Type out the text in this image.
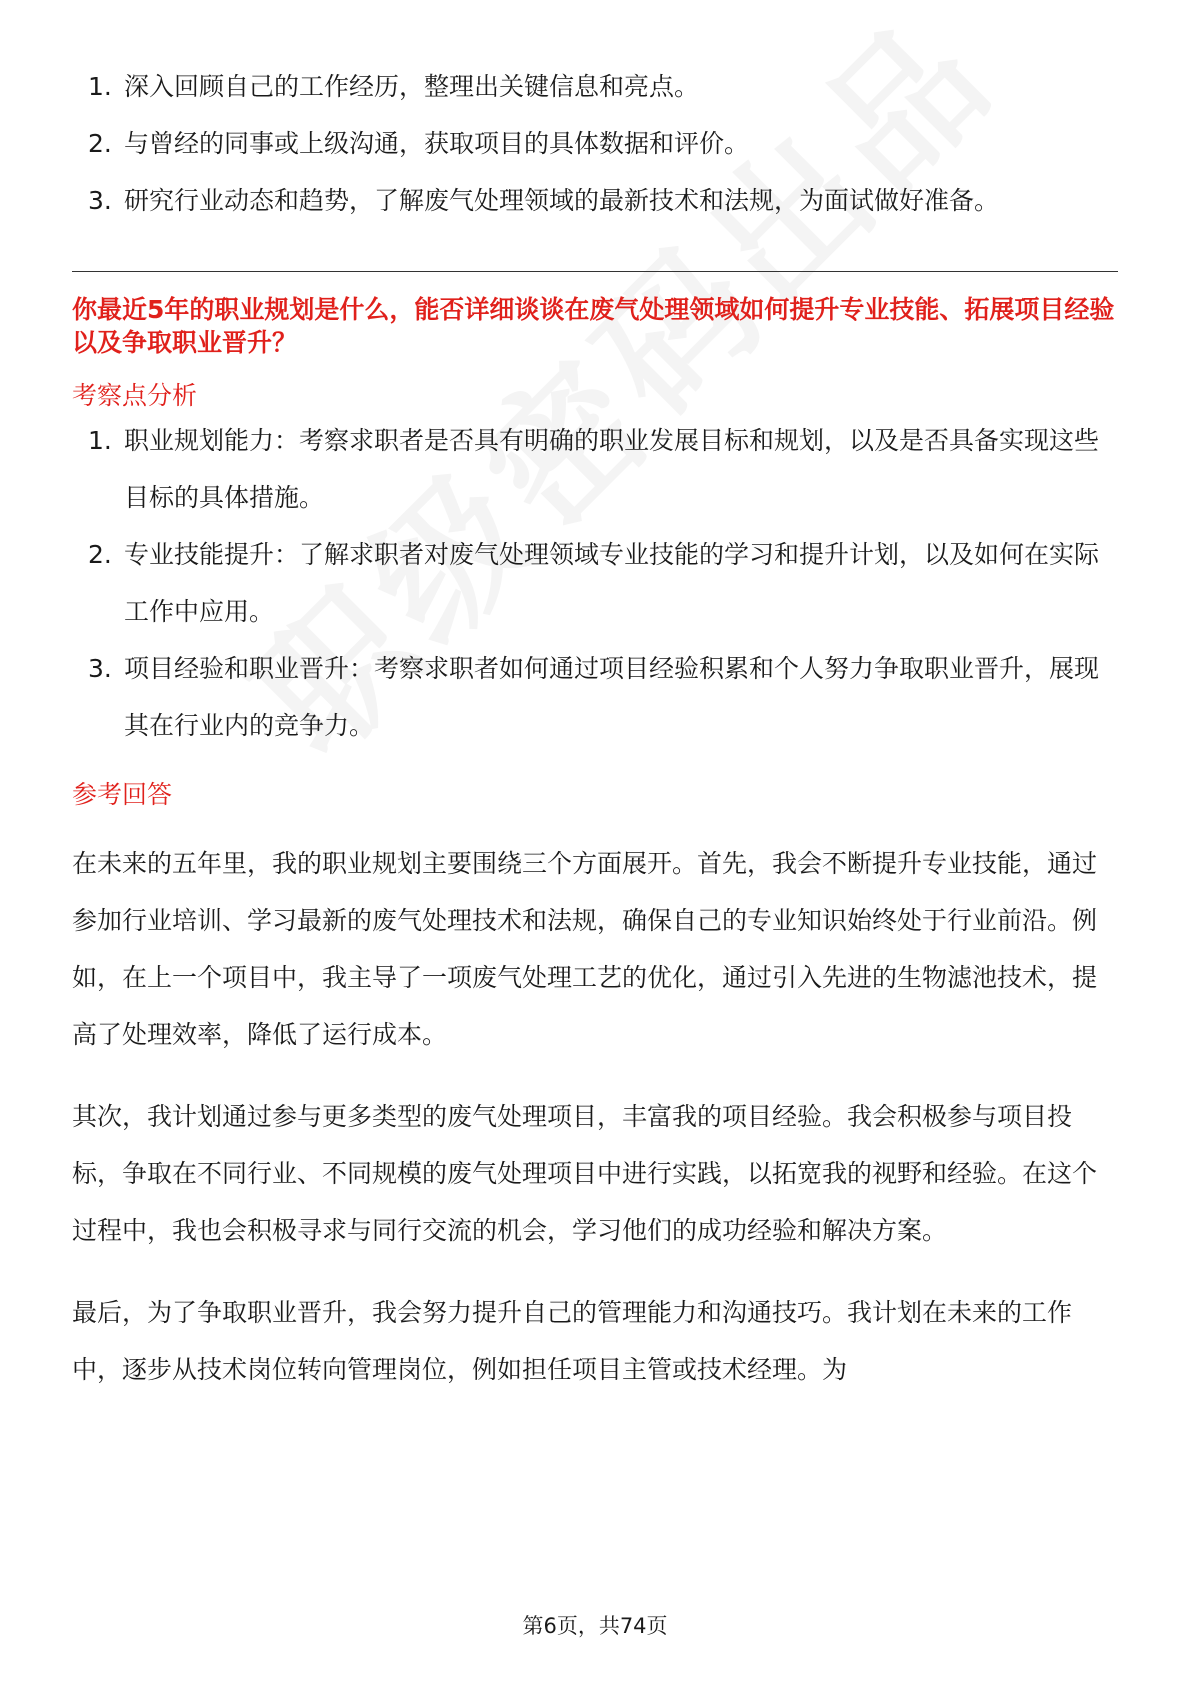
1. 深入回顾自己的工作经历，整理出关键信息和亮点。
2. 与曾经的同事或上级沟通，获取项目的具体数据和评价。
3. 研究行业动态和趋势，了解废气处理领域的最新技术和法规，为面试做好准备。
你最近5年的职业规划是什么，能否详细谈谈在废气处理领域如何提升专业技能、拓展项目经验以及争取职业晋升？
考察点分析
1. 职业规划能力：考察求职者是否具有明确的职业发展目标和规划，以及是否具备实现这些目标的具体措施。
2. 专业技能提升：了解求职者对废气处理领域专业技能的学习和提升计划，以及如何在实际工作中应用。
3. 项目经验和职业晋升：考察求职者如何通过项目经验积累和个人努力争取职业晋升，展现其在行业内的竞争力。
参考回答

在未来的五年里，我的职业规划主要围绕三个方面展开。首先，我会不断提升专业技能，通过参加行业培训、学习最新的废气处理技术和法规，确保自己的专业知识始终处于行业前沿。例如，在上一个项目中，我主导了一项废气处理工艺的优化，通过引入先进的生物滤池技术，提高了处理效率，降低了运行成本。

其次，我计划通过参与更多类型的废气处理项目，丰富我的项目经验。我会积极参与项目投标，争取在不同行业、不同规模的废气处理项目中进行实践，以拓宽我的视野和经验。在这个过程中，我也会积极寻求与同行交流的机会，学习他们的成功经验和解决方案。

最后，为了争取职业晋升，我会努力提升自己的管理能力和沟通技巧。我计划在未来的工作中，逐步从技术岗位转向管理岗位，例如担任项目主管或技术经理。为

第6页，共74页
